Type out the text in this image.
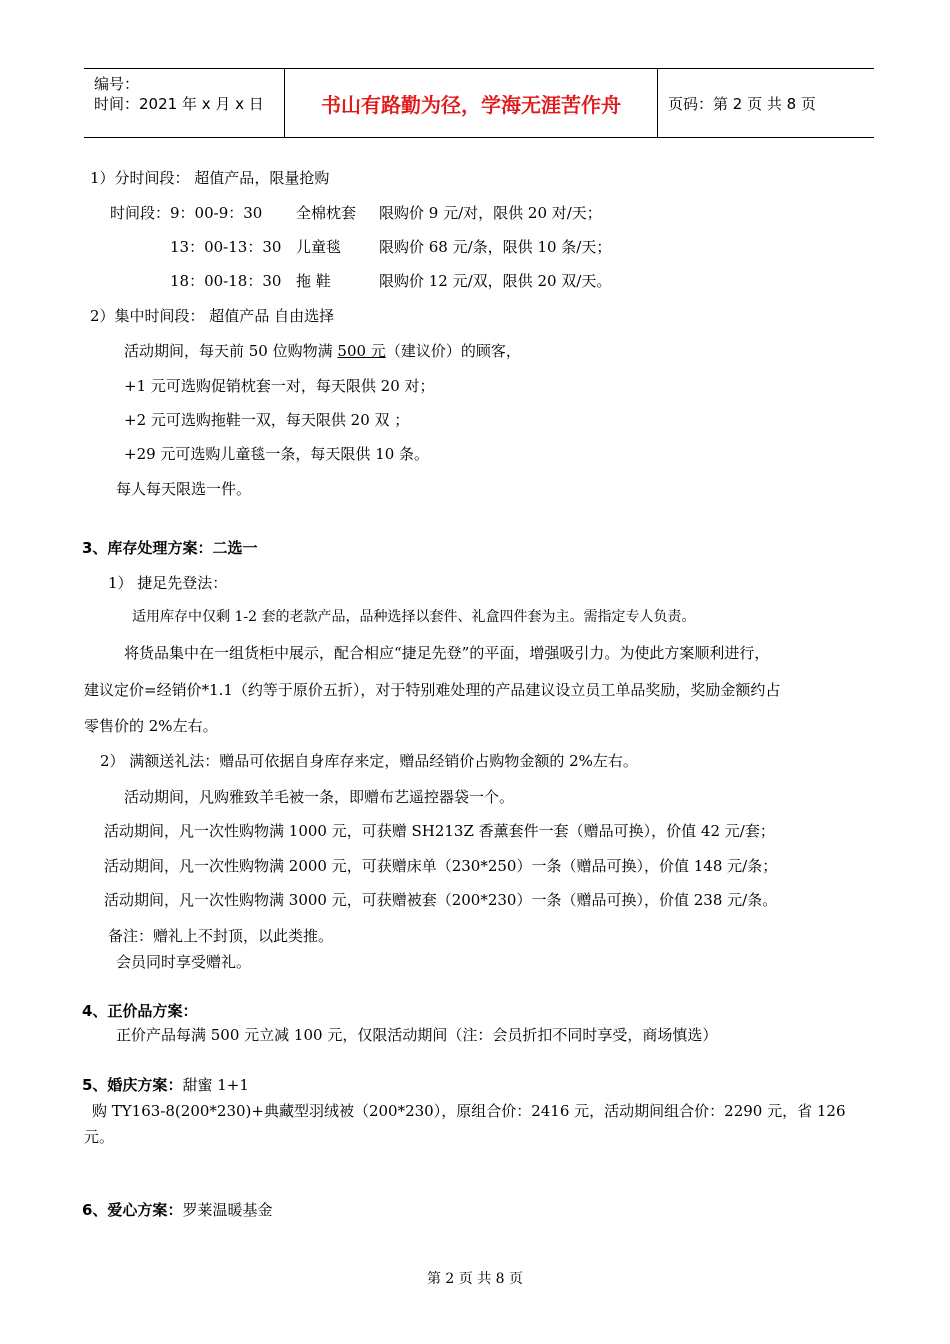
编号：
时间：2021 年 x 月 x 日	书山有路勤为径，学海无涯苦作舟	页码：第 2 页 共 8 页
1）分时间段： 超值产品，限量抢购
时间段：9：00-9：30 全棉枕套 限购价 9 元/对，限供 20 对/天；
13：00-13：30 儿童毯	限购价 68 元/条，限供 10 条/天；
18：00-18：30 拖 鞋	限购价 12 元/双，限供 20 双/天。
2）集中时间段： 超值产品 自由选择
活动期间，每天前 50 位购物满 500 元（建议价）的顾客，
+1 元可选购促销枕套一对，每天限供 20 对；
+2 元可选购拖鞋一双，每天限供 20 双 ；
+29 元可选购儿童毯一条，每天限供 10 条。
每人每天限选一件。
3、库存处理方案：二选一
1） 捷足先登法：
适用库存中仅剩 1-2 套的老款产品，品种选择以套件、礼盒四件套为主。需指定专人负责。
将货品集中在一组货柜中展示，配合相应“捷足先登”的平面，增强吸引力。为使此方案顺利进行，
建议定价=经销价*1.1（约等于原价五折），对于特别难处理的产品建议设立员工单品奖励，奖励金额约占
零售价的 2%左右。
2） 满额送礼法：赠品可依据自身库存来定，赠品经销价占购物金额的 2%左右。
活动期间，凡购雅致羊毛被一条，即赠布艺遥控器袋一个。
活动期间，凡一次性购物满 1000 元，可获赠 SH213Z 香薰套件一套（赠品可换），价值 42 元/套；
活动期间，凡一次性购物满 2000 元，可获赠床单（230*250）一条（赠品可换），价值 148 元/条；
活动期间，凡一次性购物满 3000 元，可获赠被套（200*230）一条（赠品可换），价值 238 元/条。
备注：赠礼上不封顶，以此类推。
会员同时享受赠礼。
4、正价品方案：
正价产品每满 500 元立减 100 元，仅限活动期间（注：会员折扣不同时享受，商场慎选）
5、婚庆方案：甜蜜 1+1
购 TY163-8(200*230)+典藏型羽绒被（200*230），原组合价：2416 元，活动期间组合价：2290 元，省 126
元。
6、爱心方案：罗莱温暖基金
第 2 页 共 8 页
